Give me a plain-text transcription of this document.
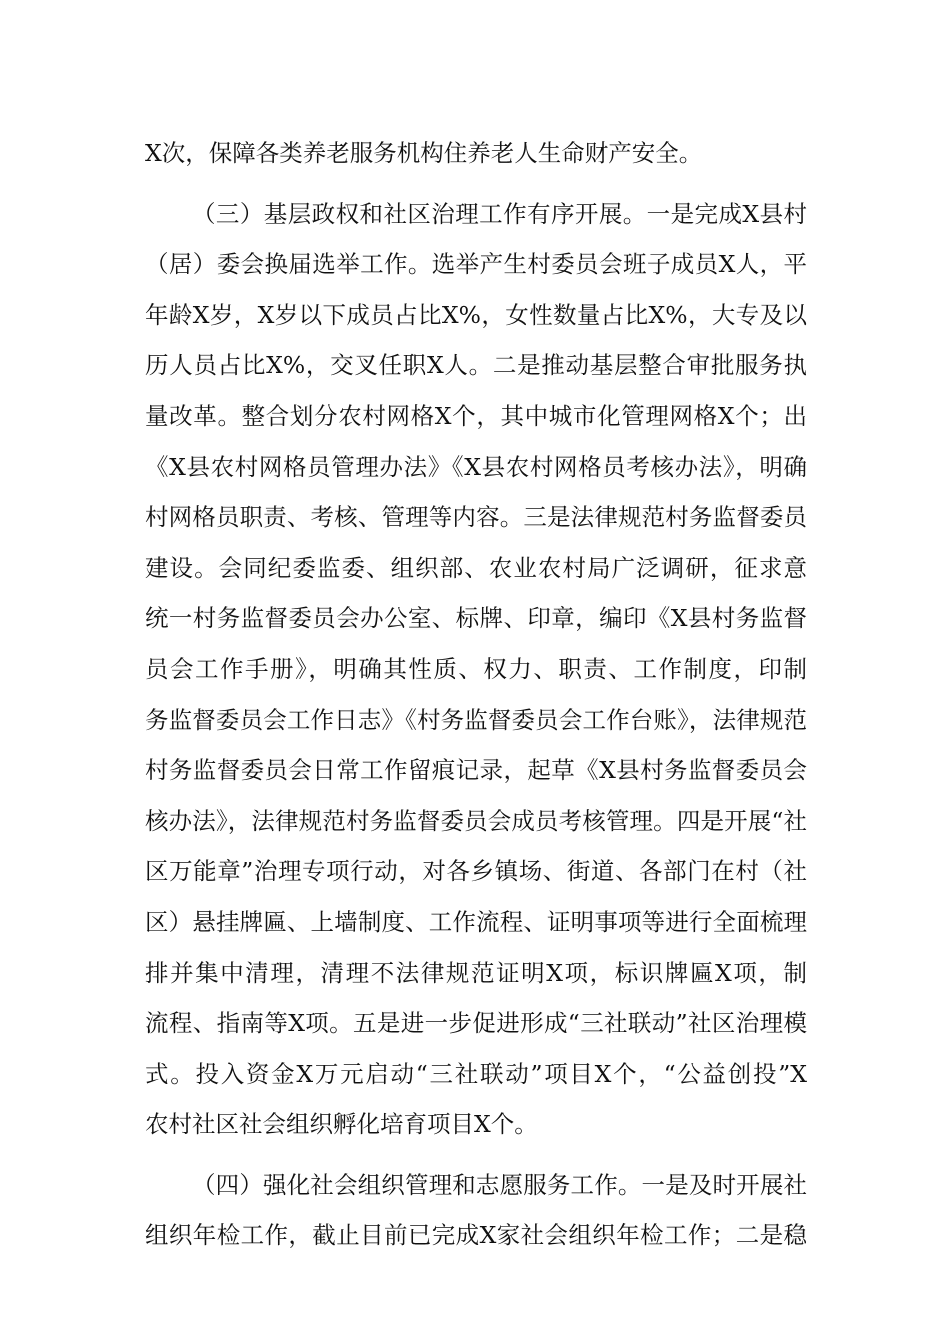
X次，保障各类养老服务机构住养老人生命财产安全。
（三）基层政权和社区治理工作有序开展。一是完成X县村
（居）委会换届选举工作。选举产生村委员会班子成员X人，平
年龄X岁，X岁以下成员占比X%，女性数量占比X%，大专及以
历人员占比X%，交叉任职X人。二是推动基层整合审批服务执
量改革。整合划分农村网格X个，其中城市化管理网格X个；出
《X县农村网格员管理办法》《X县农村网格员考核办法》，明确
村网格员职责、考核、管理等内容。三是法律规范村务监督委员
建设。会同纪委监委、组织部、农业农村局广泛调研，征求意
统一村务监督委员会办公室、标牌、印章，编印《X县村务监督
员会工作手册》，明确其性质、权力、职责、工作制度，印制
务监督委员会工作日志》《村务监督委员会工作台账》，法律规范
村务监督委员会日常工作留痕记录，起草《X县村务监督委员会
核办法》，法律规范村务监督委员会成员考核管理。四是开展“社
区万能章”治理专项行动，对各乡镇场、街道、各部门在村（社
区）悬挂牌匾、上墙制度、工作流程、证明事项等进行全面梳理
排并集中清理，清理不法律规范证明X项，标识牌匾X项，制
流程、指南等X项。五是进一步促进形成“三社联动”社区治理模
式。投入资金X万元启动“三社联动”项目X个，“公益创投”X
农村社区社会组织孵化培育项目X个。
（四）强化社会组织管理和志愿服务工作。一是及时开展社
组织年检工作，截止目前已完成X家社会组织年检工作；二是稳
